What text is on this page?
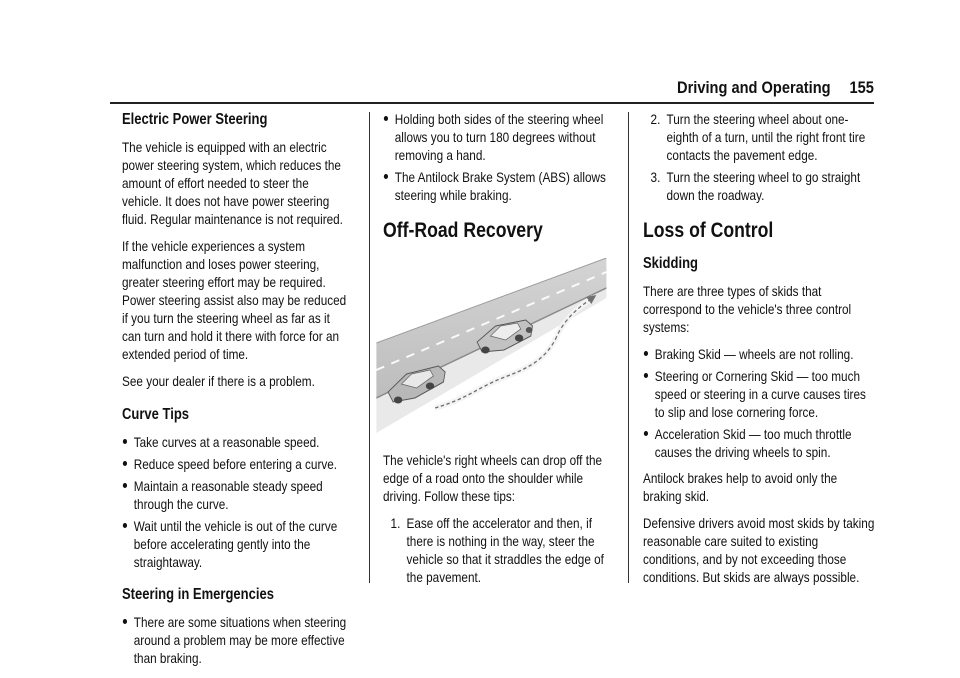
Driving and Operating 155
Electric Power Steering

The vehicle is equipped with an electric power steering system, which reduces the amount of effort needed to steer the vehicle. It does not have power steering fluid. Regular maintenance is not required.

If the vehicle experiences a system malfunction and loses power steering, greater steering effort may be required. Power steering assist also may be reduced if you turn the steering wheel as far as it can turn and hold it there with force for an extended period of time.

See your dealer if there is a problem.

Curve Tips
Take curves at a reasonable speed.
Reduce speed before entering a curve.
Maintain a reasonable steady speed through the curve.
Wait until the vehicle is out of the curve before accelerating gently into the straightaway.
Steering in Emergencies
There are some situations when steering around a problem may be more effective than braking.
Holding both sides of the steering wheel allows you to turn 180 degrees without removing a hand.
The Antilock Brake System (ABS) allows steering while braking.
Off-Road Recovery

The vehicle's right wheels can drop off the edge of a road onto the shoulder while driving. Follow these tips:

1. Ease off the accelerator and then, if there is nothing in the way, steer the vehicle so that it straddles the edge of the pavement.
2. Turn the steering wheel about one-eighth of a turn, until the right front tire contacts the pavement edge.
3. Turn the steering wheel to go straight down the roadway.
Loss of Control
Skidding

There are three types of skids that correspond to the vehicle's three control systems:

Braking Skid — wheels are not rolling.
Steering or Cornering Skid — too much speed or steering in a curve causes tires to slip and lose cornering force.
Acceleration Skid — too much throttle causes the driving wheels to spin.

Antilock brakes help to avoid only the braking skid.

Defensive drivers avoid most skids by taking reasonable care suited to existing conditions, and by not exceeding those conditions. But skids are always possible.
